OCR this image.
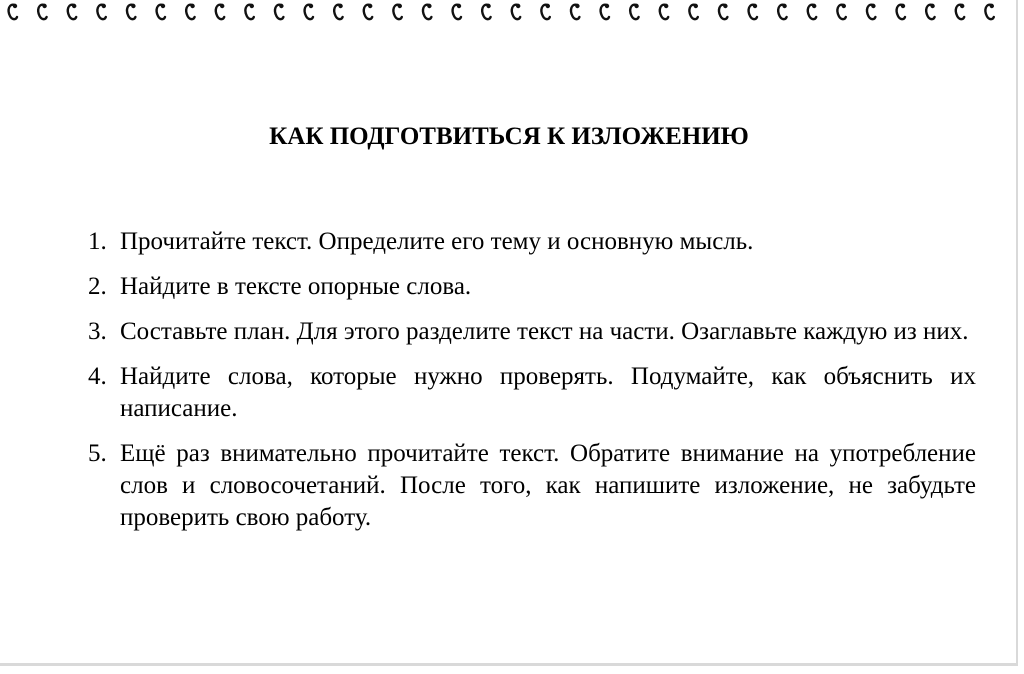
КАК ПОДГОТВИТЬСЯ К ИЗЛОЖЕНИЮ
1. Прочитайте текст. Определите его тему и основную мысль.
2. Найдите в тексте опорные слова.
3. Составьте план. Для этого разделите текст на части. Озаглавьте каждую из них.
4. Найдите слова, которые нужно проверять. Подумайте, как объяснить их написание.
5. Ещё раз внимательно прочитайте текст. Обратите внимание на употребление слов и словосочетаний. После того, как напишите изложение, не забудьте проверить свою работу.
